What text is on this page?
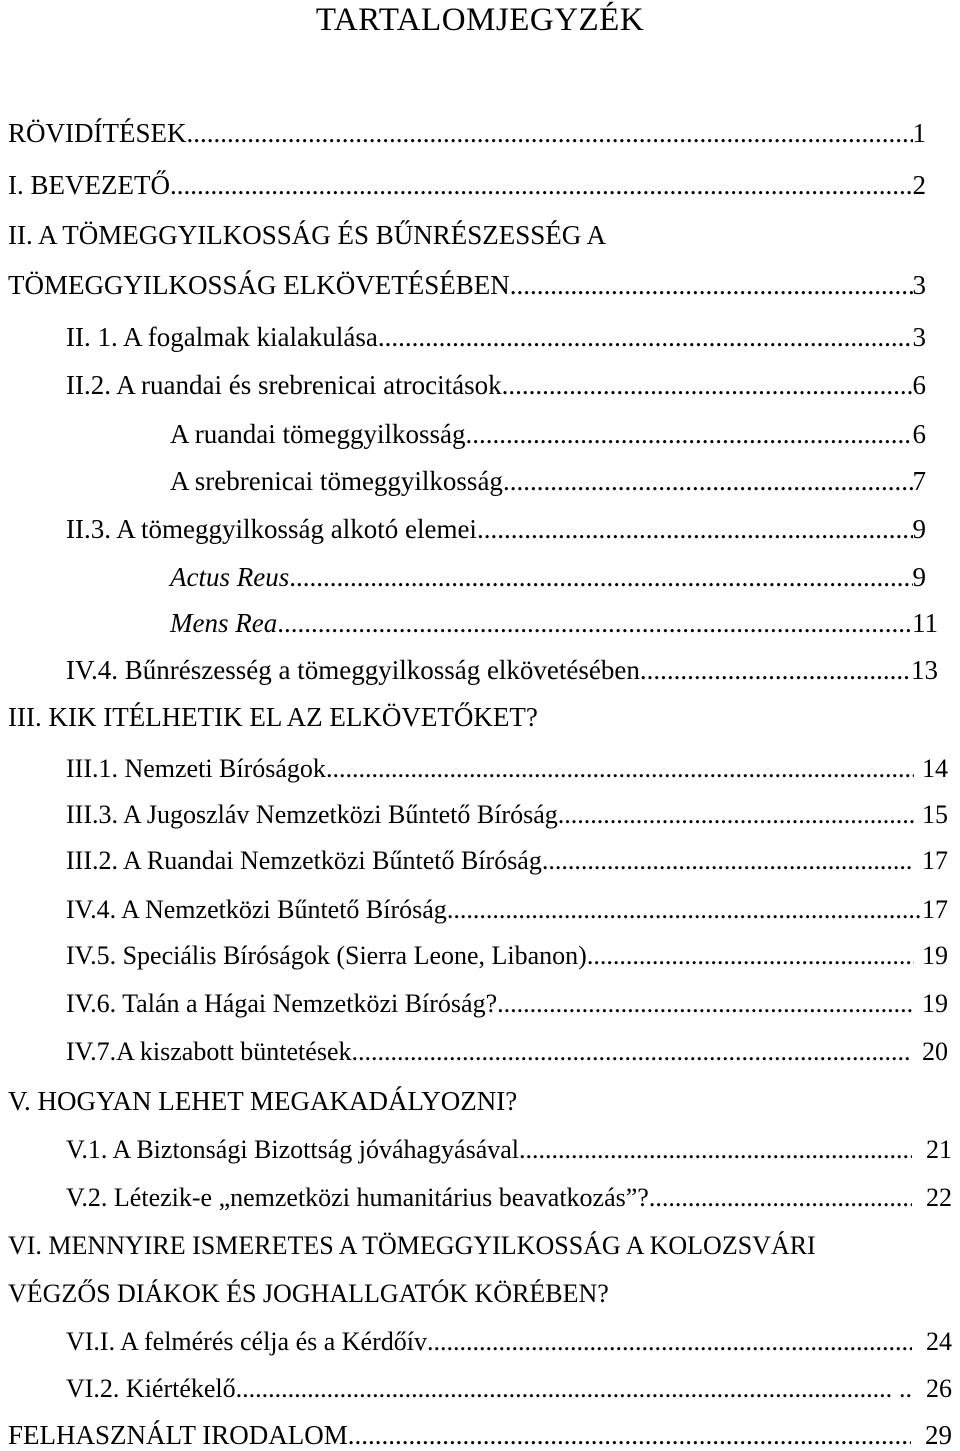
TARTALOMJEGYZÉK
RÖVIDÍTÉSEK .....	1
I. BEVEZETŐ .....	2
II. A TÖMEGGYILKOSSÁG ÉS BŰNRÉSZESSÉG A
TÖMEGGYILKOSSÁG ELKÖVETÉSÉBEN .....	3
II. 1. A fogalmak kialakulása .....	3
II.2. A ruandai és srebrenicai atrocitások .....	6
A ruandai tömeggyilkosság .....	6
A srebrenicai tömeggyilkosság .....	7
II.3. A tömeggyilkosság alkotó elemei .....	9
Actus Reus .....	9
Mens Rea .....	11
IV.4. Bűnrészesség a tömeggyilkosság elkövetésében .....	13
III. KIK ITÉLHETIK EL AZ ELKÖVETŐKET?
III.1. Nemzeti Bíróságok .....	14
III.3. A Jugoszláv Nemzetközi Bűntető Bíróság... .....	15
III.2. A Ruandai Nemzetközi Bűntető Bíróság... .....	17
IV.4. A Nemzetközi Bűntető Bíróság .....	17
IV.5. Speciális Bíróságok (Sierra Leone, Libanon)... .....	19
IV.6. Talán a Hágai Nemzetközi Bíróság?... .....	19
IV.7.A kiszabott büntetések .....	20
V. HOGYAN LEHET MEGAKADÁLYOZNI?
V.1. A Biztonsági Bizottság jóváhagyásával.... .....	21
V.2. Létezik-e „nemzetközi humanitárius beavatkozás”?... .....	22
VI. MENNYIRE ISMERETES A TÖMEGGYILKOSSÁG A KOLOZSVÁRI
VÉGZŐS DIÁKOK ÉS JOGHALLGATÓK KÖRÉBEN?
VI.I. A felmérés célja és a Kérdőív .....	24
VI.2. Kiértékelő .....	.. 26
FELHASZNÁLT IRODALOM .....	29
